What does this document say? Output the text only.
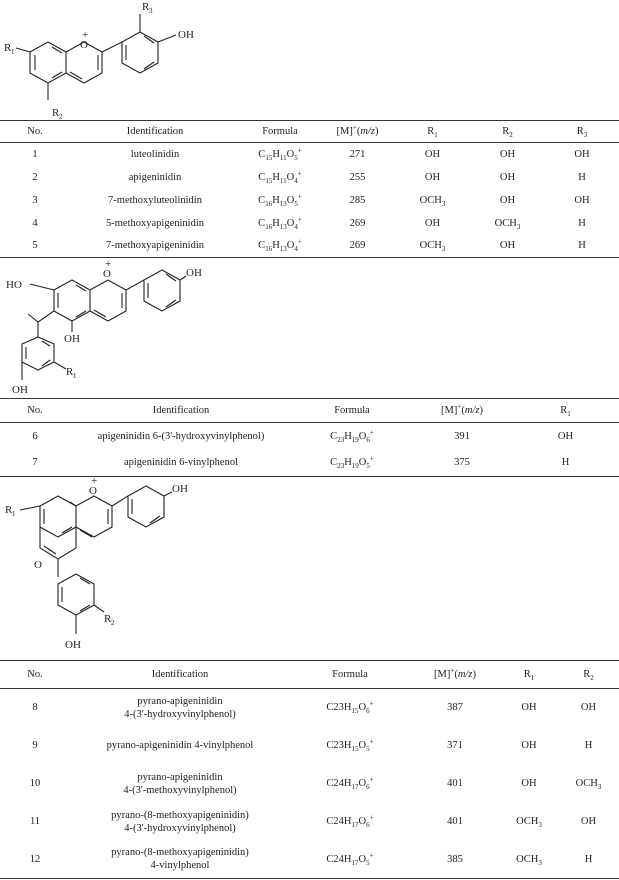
O
+
R 1
R 2
R 3
OH
No.	Identification	Formula	[M]+(m/z)	$R_1$	$R_2$	$R_3$
1	luteolinidin	$C_{15}H_{11}O_5^+$	271	OH	OH	OH
2	apigeninidin	$C_{15}H_{11}O_4^+$	255	OH	OH	H
3	7-methoxyluteolinidin	$C_{16}H_{13}O_5^+$	285	$OCH_3$	OH	OH
4	5-methoxyapigeninidin	$C_{16}H_{13}O_4^+$	269	OH	$OCH_3$	H
5	7-methoxyapigeninidin	$C_{16}H_{13}O_4^+$	269	$OCH_3$	OH	H
O
+
HO
OH
OH
R 1
OH
No.	Identification	Formula	[M]+(m/z)	$R_1$
6	apigeninidin 6-(3'-hydroxyvinylphenol)	$C_{23}H_{19}O_6^+$	391	OH
7	apigeninidin 6-vinylphenol	$C_{23}H_{19}O_5^+$	375	H
O
+
R 1
O
OH
R 2
OH
No.	Identification	Formula	[M]+(m/z)	$R_1$	$R_2$
8	pyrano-apigeninidin
4-(3'-hydroxyvinylphenol)	$C23H_{15}O_6^+$	387	OH	OH
9	pyrano-apigeninidin 4-vinylphenol	$C23H_{15}O_5^+$	371	OH	H
10	pyrano-apigeninidin
4-(3'-methoxyvinylphenol)	$C24H_{17}O_6^+$	401	OH	$OCH_3$
11	pyrano-(8-methoxyapigeninidin)
4-(3'-hydroxyvinylphenol)	$C24H_{17}O_6^+$	401	$OCH_3$	OH
12	pyrano-(8-methoxyapigeninidin)
4-vinylphenol	$C24H_{17}O_5^+$	385	$OCH_3$	H
